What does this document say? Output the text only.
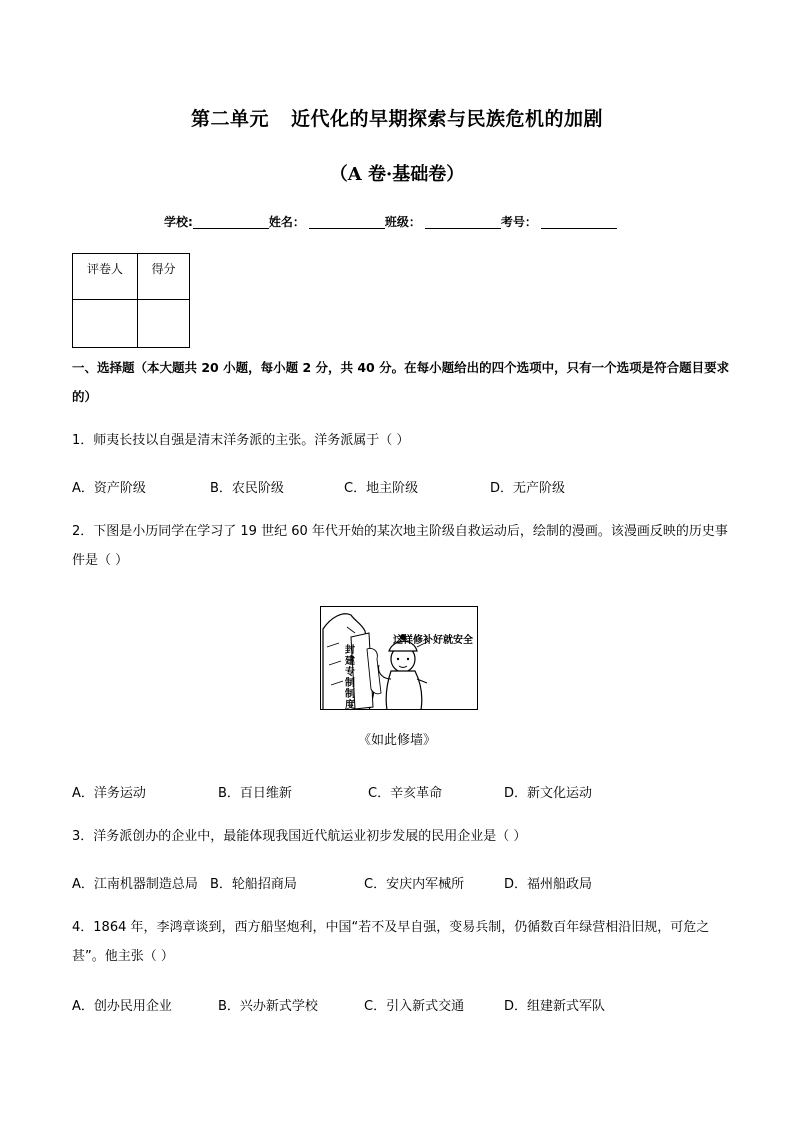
第二单元 近代化的早期探索与民族危机的加剧
（A 卷·基础卷）
学校:	姓名：	班级：	考号：
评卷人	得分

一、选择题（本大题共 20 小题，每小题 2 分，共 40 分。在每小题给出的四个选项中，只有一个选项是符合题目要求的）
1．师夷长技以自强是清末洋务派的主张。洋务派属于（ ）
A．资产阶级	B．农民阶级	C．地主阶级	D．无产阶级
2．下图是小历同学在学习了 19 世纪 60 年代开始的某次地主阶级自救运动后，绘制的漫画。该漫画反映的历史事件是（ ）
这样修补好就安全
封建专制制度
《如此修墙》
A．洋务运动	B．百日维新	C．辛亥革命	D．新文化运动
3．洋务派创办的企业中，最能体现我国近代航运业初步发展的民用企业是（ ）
A．江南机器制造总局 B．轮船招商局	C．安庆内军械所	D．福州船政局
4．1864 年，李鸿章谈到，西方船坚炮利，中国“若不及早自强，变易兵制，仍循数百年绿营相沿旧规，可危之甚”。他主张（ ）
A．创办民用企业	B．兴办新式学校	C．引入新式交通	D．组建新式军队
